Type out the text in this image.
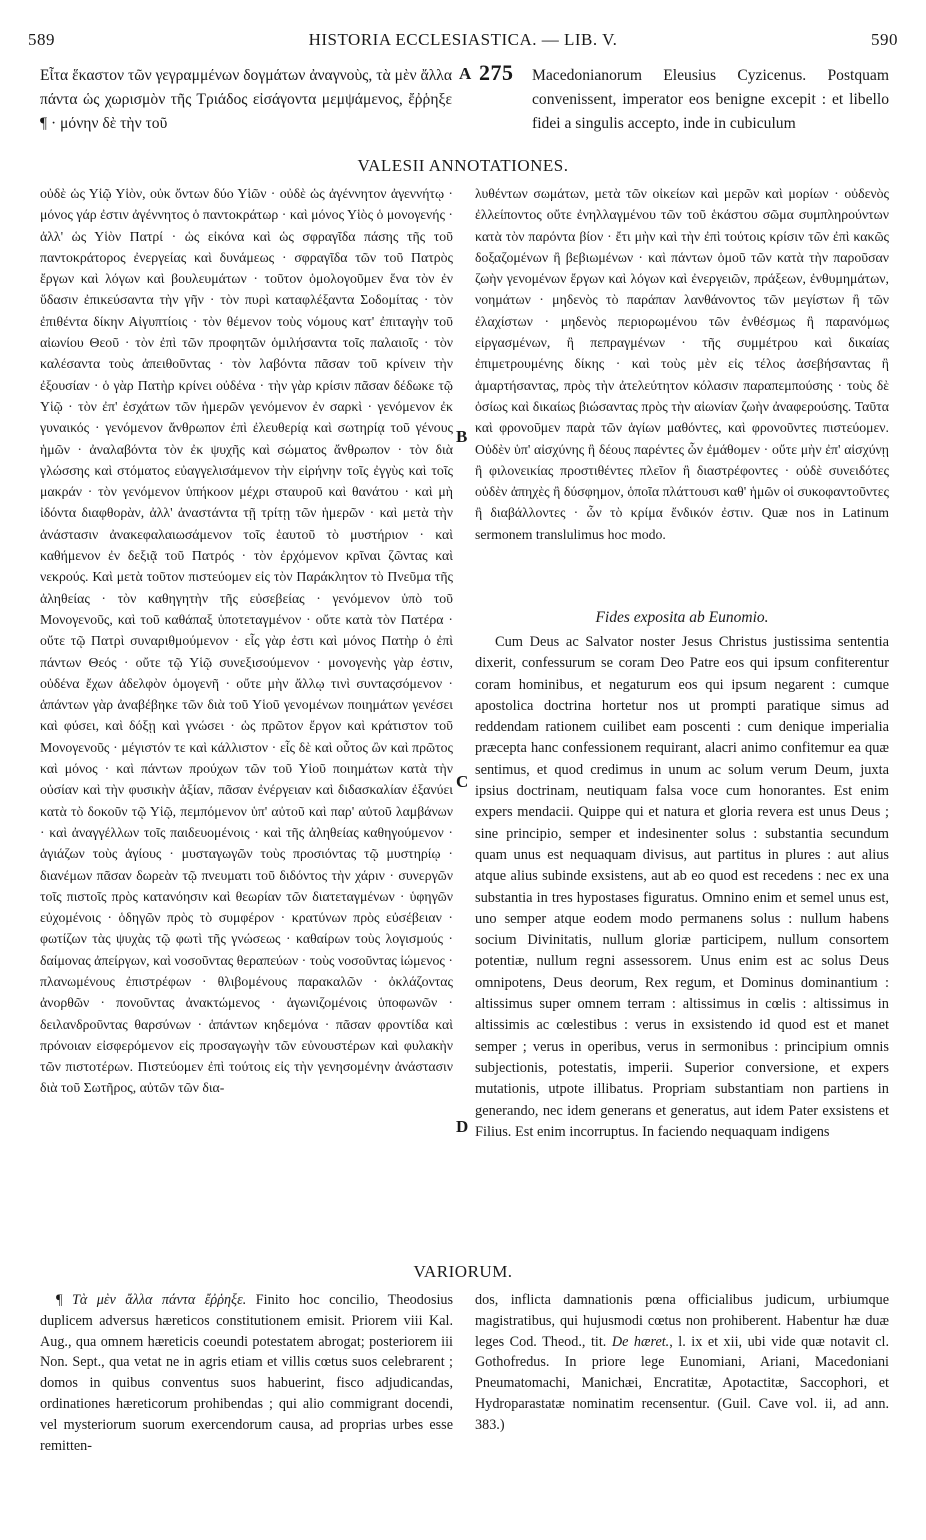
589	HISTORIA ECCLESIASTICA. — LIB. V.	590

Εἶτα ἕκαστον τῶν γεγραμμένων δογμάτων ἀναγνοὺς, τὰ μὲν ἄλλα πάντα ὡς χωρισμὸν τῆς Τριάδος εἰσάγοντα μεμψάμενος, ἔῤῥηξε ¶ · μόνην δὲ τὴν τοῦ

A 275 Macedonianorum Eleusius Cyzicenus. Postquam convenissent, imperator eos benigne excepit : et libello fidei a singulis accepto, inde in cubiculum

VALESII ANNOTATIONES.

οὐδὲ ὡς Υἱῷ Υἱὸν, οὐκ ὄντων δύο Υἱῶν · οὐδὲ ὡς ἀγέννητον ἀγεννήτῳ · μόνος γάρ ἐστιν ἀγέννητος ὁ παντοκράτωρ · καὶ μόνος Υἱὸς ὁ μονογενής · ἀλλ' ὡς Υἱὸν Πατρί · ὡς εἰκόνα καὶ ὡς σφραγῖδα πάσης τῆς τοῦ παντοκράτορος ἐνεργείας καὶ δυνάμεως · σφραγῖδα τῶν τοῦ Πατρὸς ἔργων καὶ λόγων καὶ βουλευμάτων · τοῦτον ὁμολογοῦμεν ἕνα τὸν ἐν ὕδασιν ἐπικεύσαντα τὴν γῆν · τὸν πυρὶ καταφλέξαντα Σοδομίτας · τὸν ἐπιθέντα δίκην Αἰγυπτίοις · τὸν θέμενον τοὺς νόμους κατ' ἐπιταγὴν τοῦ αἰωνίου Θεοῦ · τὸν ἐπὶ τῶν προφητῶν ὁμιλήσαντα τοῖς παλαιοῖς · τὸν καλέσαντα τοὺς ἀπειθοῦντας · τὸν λαβόντα πᾶσαν τοῦ κρίνειν τὴν ἐξουσίαν · ὁ γὰρ Πατὴρ κρίνει οὐδένα · τὴν γὰρ κρίσιν πᾶσαν δέδωκε τῷ Υἱῷ · τὸν ἐπ' ἐσχάτων τῶν ἡμερῶν γενόμενον ἐν σαρκὶ · γενόμενον ἐκ γυναικός · γενόμενον ἄνθρωπον ἐπὶ ἐλευθερίᾳ καὶ σωτηρίᾳ τοῦ γένους ἡμῶν · ἀναλαβόντα τὸν ἐκ ψυχῆς καὶ σώματος ἄνθρωπον · τὸν διὰ γλώσσης καὶ στόματος εὐαγγελισάμενον τὴν εἰρήνην τοῖς ἐγγὺς καὶ τοῖς μακράν · τὸν γενόμενον ὑπήκοον μέχρι σταυροῦ καὶ θανάτου · καὶ μὴ ἰδόντα διαφθορὰν, ἀλλ' ἀναστάντα τῇ τρίτῃ τῶν ἡμερῶν · καὶ μετὰ τὴν ἀνάστασιν ἀνακεφαλαιωσάμενον τοῖς ἑαυτοῦ τὸ μυστήριον · καὶ καθήμενον ἐν δεξιᾷ τοῦ Πατρός · τὸν ἐρχόμενον κρῖναι ζῶντας καὶ νεκρούς. Καὶ μετὰ τοῦτον πιστεύομεν εἰς τὸν Παράκλητον τὸ Πνεῦμα τῆς ἀληθείας · τὸν καθηγητὴν τῆς εὐσεβείας · γενόμενον ὑπὸ τοῦ Μονογενοῦς, καὶ τοῦ καθάπαξ ὑποτεταγμένον · οὔτε κατὰ τὸν Πατέρα · οὔτε τῷ Πατρὶ συναριθμούμενον · εἷς γὰρ ἐστι καὶ μόνος Πατὴρ ὁ ἐπὶ πάντων Θεός · οὔτε τῷ Υἱῷ συνεξισούμενον · μονογενὴς γὰρ ἐστιν, οὐδένα ἔχων ἀδελφὸν ὁμογενῆ · οὔτε μὴν ἄλλῳ τινὶ συνταςσόμενον · ἁπάντων γὰρ ἀναβέβηκε τῶν διὰ τοῦ Υἱοῦ γενομένων ποιημάτων γενέσει καὶ φύσει, καὶ δόξῃ καὶ γνώσει · ὡς πρῶτον ἔργον καὶ κράτιστον τοῦ Μονογενοῦς · μέγιστόν τε καὶ κάλλιστον · εἷς δὲ καὶ οὗτος ὢν καὶ πρῶτος καὶ μόνος · καὶ πάντων προύχων τῶν τοῦ Υἱοῦ ποιημάτων κατὰ τὴν οὐσίαν καὶ τὴν φυσικὴν ἀξίαν, πᾶσαν ἐνέργειαν καὶ διδασκαλίαν ἐξανύει κατὰ τὸ δοκοῦν τῷ Υἱῷ, πεμπόμενον ὑπ' αὐτοῦ καὶ παρ' αὐτοῦ λαμβάνων · καὶ ἀναγγέλλων τοῖς παιδευομένοις · καὶ τῆς ἀληθείας καθηγούμενον · ἁγιάζων τοὺς ἁγίους · μυσταγωγῶν τοὺς προσιόντας τῷ μυστηρίῳ · διανέμων πᾶσαν δωρεὰν τῷ πνευματι τοῦ διδόντος τὴν χάριν · συνεργῶν τοῖς πιστοῖς πρὸς κατανόησιν καὶ θεωρίαν τῶν διατεταγμένων · ὑφηγῶν εὐχομένοις · ὁδηγῶν πρὸς τὸ συμφέρον · κρατύνων πρὸς εὐσέβειαν · φωτίζων τὰς ψυχὰς τῷ φωτὶ τῆς γνώσεως · καθαίρων τοὺς λογισμούς · δαίμονας ἀπείργων, καὶ νοσοῦντας θεραπεύων · τοὺς νοσοῦντας ἰώμενος · πλανωμένους ἐπιστρέφων · θλιβομένους παρακαλῶν · ὀκλάζοντας ἀνορθῶν · πονοῦντας ἀνακτώμενος · ἀγωνιζομένοις ὑποφωνῶν · δειλανδροῦντας θαρσύνων · ἁπάντων κηδεμόνα · πᾶσαν φροντίδα καὶ πρόνοιαν εἰσφερόμενον εἰς προσαγωγὴν τῶν εὐνουστέρων καὶ φυλακὴν τῶν πιστοτέρων. Πιστεύομεν ἐπὶ τούτοις εἰς τὴν γενησομένην ἀνάστασιν διὰ τοῦ Σωτῆρος, αὐτῶν τῶν δια-

B
C
D

λυθέντων σωμάτων, μετὰ τῶν οἰκείων καὶ μερῶν καὶ μορίων · οὐδενὸς ἐλλείποντος οὔτε ἐνηλλαγμένου τῶν τοῦ ἑκάστου σῶμα συμπληρούντων κατὰ τὸν παρόντα βίον · ἔτι μὴν καὶ τὴν ἐπὶ τούτοις κρίσιν τῶν ἐπὶ κακῶς δοξαζομένων ἢ βεβιωμένων · καὶ πάντων ὁμοῦ τῶν κατὰ τὴν παροῦσαν ζωὴν γενομένων ἔργων καὶ λόγων καὶ ἐνεργειῶν, πράξεων, ἐνθυμημάτων, νοημάτων · μηδενὸς τὸ παράπαν λανθάνοντος τῶν μεγίστων ἢ τῶν ἐλαχίστων · μηδενὸς περιορωμένου τῶν ἐνθέσμως ἢ παρανόμως εἰργασμένων, ἢ πεπραγμένων · τῆς συμμέτρου καὶ δικαίας ἐπιμετρουμένης δίκης · καὶ τοὺς μὲν εἰς τέλος ἀσεβήσαντας ἢ ἁμαρτήσαντας, πρὸς τὴν ἀτελεύτητον κόλασιν παραπεμπούσης · τοὺς δὲ ὁσίως καὶ δικαίως βιώσαντας πρὸς τὴν αἰωνίαν ζωὴν ἀναφερούσης. Ταῦτα καὶ φρονοῦμεν παρὰ τῶν ἁγίων μαθόντες, καὶ φρονοῦντες πιστεύομεν. Οὐδὲν ὑπ' αἰσχύνης ἢ δέους παρέντες ὧν ἐμάθομεν · οὔτε μὴν ἐπ' αἰσχύνῃ ἢ φιλονεικίας προστιθέντες πλεῖον ἢ διαστρέφοντες · οὐδὲ συνειδότες οὐδὲν ἀπηχὲς ἢ δύσφημον, ὁποῖα πλάττουσι καθ' ἡμῶν οἱ συκοφαντοῦντες ἢ διαβάλλοντες · ὧν τὸ κρίμα ἔνδικόν ἐστιν. Quæ nos in Latinum sermonem translulimus hoc modo.

Fides exposita ab Eunomio.

Cum Deus ac Salvator noster Jesus Christus justissima sententia dixerit, confessurum se coram Deo Patre eos qui ipsum confiterentur coram hominibus, et negaturum eos qui ipsum negarent : cumque apostolica doctrina hortetur nos ut prompti paratique simus ad reddendam rationem cuilibet eam poscenti : cum denique imperialia præcepta hanc confessionem requirant, alacri animo confitemur ea quæ sentimus, et quod credimus in unum ac solum verum Deum, juxta ipsius doctrinam, neutiquam falsa voce cum honorantes. Est enim expers mendacii. Quippe qui et natura et gloria revera est unus Deus ; sine principio, semper et indesinenter solus : substantia secundum quam unus est nequaquam divisus, aut partitus in plures : aut alius atque alius subinde exsistens, aut ab eo quod est recedens : nec ex una substantia in tres hypostases figuratus. Omnino enim et semel unus est, uno semper atque eodem modo permanens solus : nullum habens socium Divinitatis, nullum gloriæ participem, nullum consortem potentiæ, nullum regni assessorem. Unus enim est ac solus Deus omnipotens, Deus deorum, Rex regum, et Dominus dominantium : altissimus super omnem terram : altissimus in cœlis : altissimus in altissimis ac cœlestibus : verus in exsistendo id quod est et manet semper ; verus in operibus, verus in sermonibus : principium omnis subjectionis, potestatis, imperii. Superior conversione, et expers mutationis, utpote illibatus. Propriam substantiam non partiens in generando, nec idem generans et generatus, aut idem Pater exsistens et Filius. Est enim incorruptus. In faciendo nequaquam indigens

VARIORUM.

¶ Τὰ μὲν ἄλλα πάντα ἔῤῥηξε. Finito hoc concilio, Theodosius duplicem adversus hæreticos constitutionem emisit. Priorem viii Kal. Aug., qua omnem hæreticis coeundi potestatem abrogat; posteriorem iii Non. Sept., qua vetat ne in agris etiam et villis cœtus suos celebrarent ; domos in quibus conventus suos habuerint, fisco adjudicandas, ordinationes hæreticorum prohibendas ; qui alio commigrant docendi, vel mysteriorum suorum exercendorum causa, ad proprias urbes esse remitten-

dos, inflicta damnationis pœna officialibus judicum, urbiumque magistratibus, qui hujusmodi cœtus non prohiberent. Habentur hæ duæ leges Cod. Theod., tit. De hæret., l. ix et xii, ubi vide quæ notavit cl. Gothofredus. In priore lege Eunomiani, Ariani, Macedoniani Pneumatomachi, Manichæi, Encratitæ, Apotactitæ, Saccophori, et Hydroparastatæ nominatim recensentur. (Guil. Cave vol. ii, ad ann. 383.)
